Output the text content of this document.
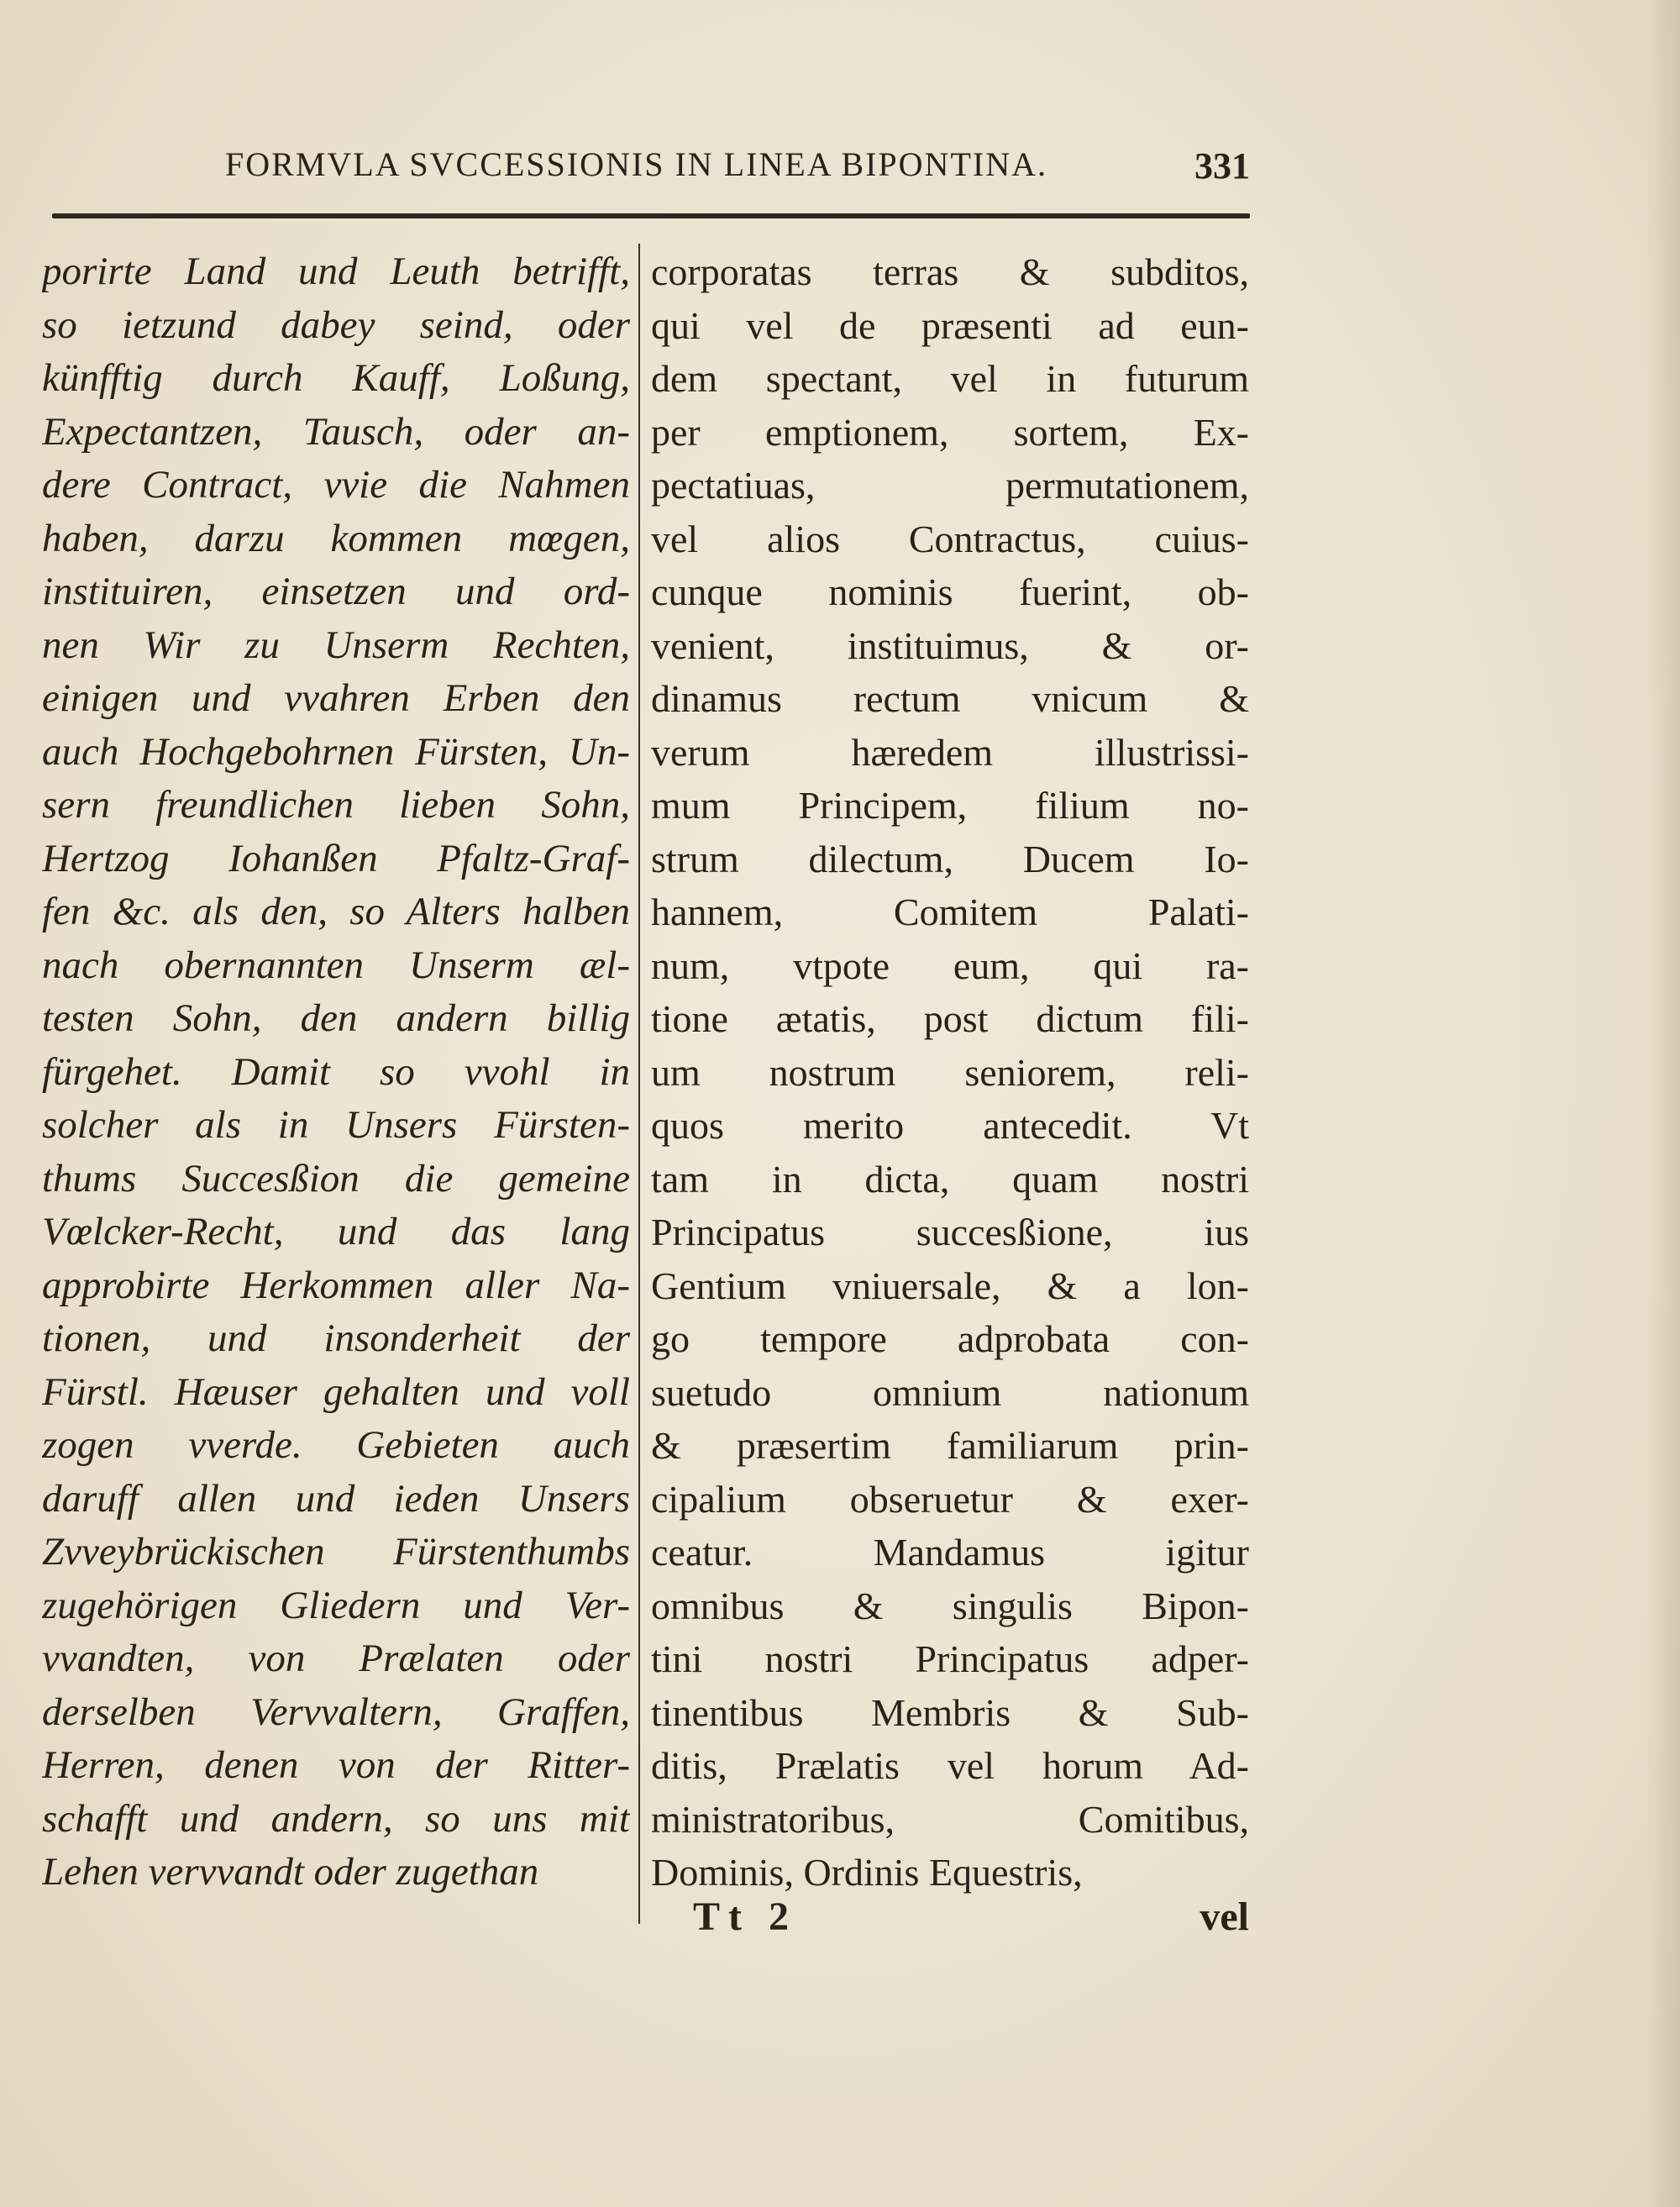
FORMVLA SVCCESSIONIS IN LINEA BIPONTINA.	331
porirte Land und Leuth betrifft,
so ietzund dabey seind, oder
künfftig durch Kauff, Loßung,
Expectantzen, Tausch, oder an-
dere Contract, vvie die Nahmen
haben, darzu kommen mœgen,
instituiren, einsetzen und ord-
nen Wir zu Unserm Rechten,
einigen und vvahren Erben den
auch Hochgebohrnen Fürsten, Un-
sern freundlichen lieben Sohn,
Hertzog Iohanßen Pfaltz-Graf-
fen &c. als den, so Alters halben
nach obernannten Unserm æl-
testen Sohn, den andern billig
fürgehet. Damit so vvohl in
solcher als in Unsers Fürsten-
thums Succesßion die gemeine
Vœlcker-Recht, und das lang
approbirte Herkommen aller Na-
tionen, und insonderheit der
Fürstl. Hæuser gehalten und voll
zogen vverde. Gebieten auch
daruff allen und ieden Unsers
Zvveybrückischen Fürstenthumbs
zugehörigen Gliedern und Ver-
vvandten, von Prælaten oder
derselben Vervvaltern, Graffen,
Herren, denen von der Ritter-
schafft und andern, so uns mit
Lehen vervvandt oder zugethan
corporatas terras & subditos,
qui vel de præsenti ad eun-
dem spectant, vel in futurum
per emptionem, sortem, Ex-
pectatiuas, permutationem,
vel alios Contractus, cuius-
cunque nominis fuerint, ob-
venient, instituimus, & or-
dinamus rectum vnicum &
verum hæredem illustrissi-
mum Principem, filium no-
strum dilectum, Ducem Io-
hannem, Comitem Palati-
num, vtpote eum, qui ra-
tione ætatis, post dictum fili-
um nostrum seniorem, reli-
quos merito antecedit. Vt
tam in dicta, quam nostri
Principatus succesßione, ius
Gentium vniuersale, & a lon-
go tempore adprobata con-
suetudo omnium nationum
& præsertim familiarum prin-
cipalium obseruetur & exer-
ceatur. Mandamus igitur
omnibus & singulis Bipon-
tini nostri Principatus adper-
tinentibus Membris & Sub-
ditis, Prælatis vel horum Ad-
ministratoribus, Comitibus,
Dominis, Ordinis Equestris,
Tt 2	vel
